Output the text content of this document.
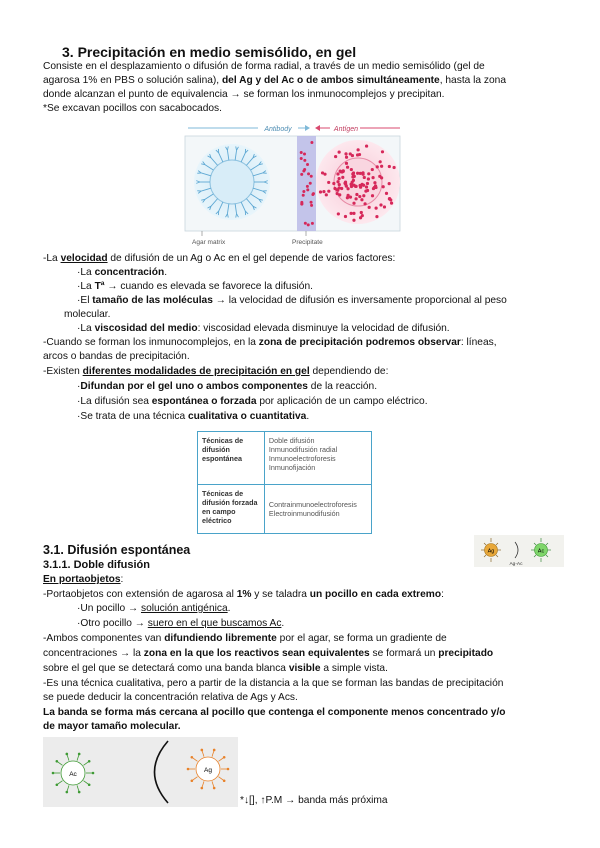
3. Precipitación en medio semisólido, en gel
Consiste en el desplazamiento o difusión de forma radial, a través de un medio semisólido (gel de
agarosa 1% en PBS o solución salina), del Ag y del Ac o de ambos simultáneamente, hasta la zona
donde alcanzan el punto de equivalencia → se forman los inmunocomplejos y precipitan.
*Se excavan pocillos con sacabocados.
Antibody	Antígen
Agar matrix	Precipitate
-La velocidad de difusión de un Ag o Ac en el gel depende de varios factores:
·La concentración.
·La Tª → cuando es elevada se favorece la difusión.
·El tamaño de las moléculas → la velocidad de difusión es inversamente proporcional al peso
molecular.
·La viscosidad del medio: viscosidad elevada disminuye la velocidad de difusión.
-Cuando se forman los inmunocomplejos, en la zona de precipitación podremos observar: líneas,
arcos o bandas de precipitación.
-Existen diferentes modalidades de precipitación en gel dependiendo de:
·Difundan por el gel uno o ambos componentes de la reacción.
·La difusión sea espontánea o forzada por aplicación de un campo eléctrico.
·Se trata de una técnica cualitativa o cuantitativa.
Técnicas de difusión espontánea	Doble difusión
Inmunodifusión radial
Inmunoelectroforesis
Inmunofijación

Técnicas de difusión forzada en campo eléctrico	Contrainmunoelectroforesis
Electroinmunodifusión
3.1. Difusión espontánea
3.1.1. Doble difusión
En portaobjetos:
Ag
Ag-Ac
Ac
-Portaobjetos con extensión de agarosa al 1% y se taladra un pocillo en cada extremo:
·Un pocillo → solución antigénica.
·Otro pocillo → suero en el que buscamos Ac.
-Ambos componentes van difundiendo libremente por el agar, se forma un gradiente de
concentraciones → la zona en la que los reactivos sean equivalentes se formará un precipitado
sobre el gel que se detectará como una banda blanca visible a simple vista.
-Es una técnica cualitativa, pero a partir de la distancia a la que se forman las bandas de precipitación
se puede deducir la concentración relativa de Ags y Acs.
La banda se forma más cercana al pocillo que contenga el componente menos concentrado y/o
de mayor tamaño molecular.
Ac
Ag
*↓[], ↑P.M → banda más próxima
